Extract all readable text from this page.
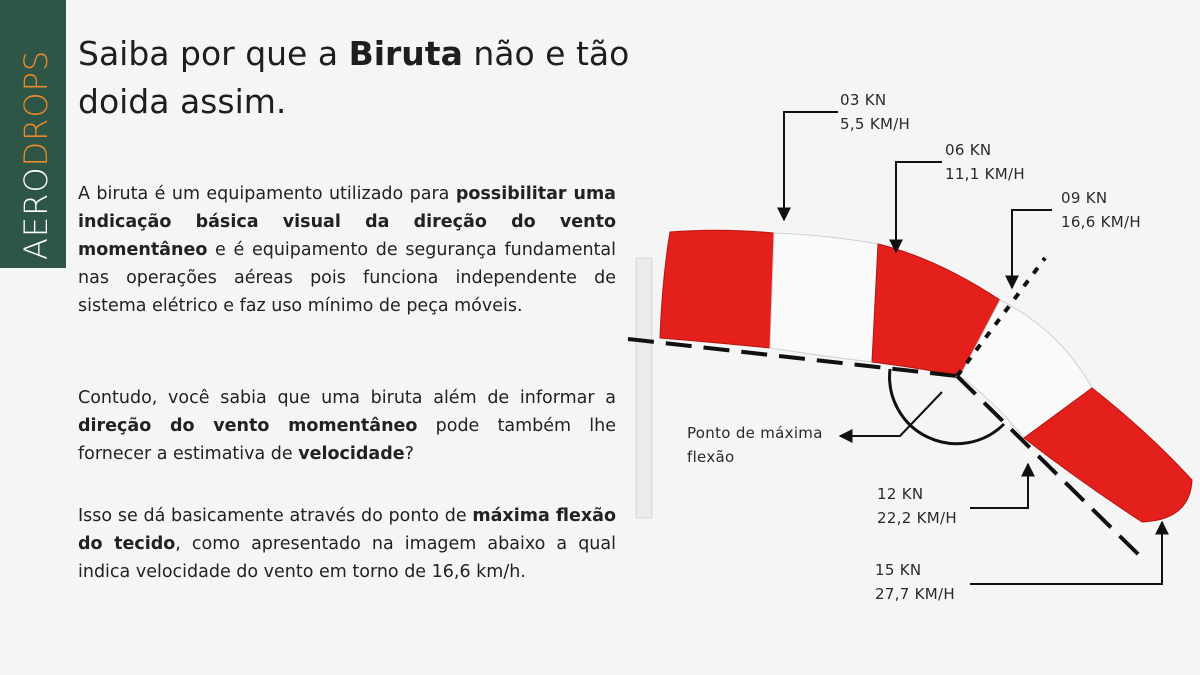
AERODROPS Saiba por que a Biruta não e tão doida assim.

A biruta é um equipamento utilizado para possibilitar uma indicação básica visual da direção do vento momentâneo e é equipamento de segurança fundamental nas operações aéreas pois funciona independente de sistema elétrico e faz uso mínimo de peça móveis.

Contudo, você sabia que uma biruta além de informar a direção do vento momentâneo pode também lhe fornecer a estimativa de velocidade?

Isso se dá basicamente através do ponto de máxima flexão do tecido, como apresentado na imagem abaixo a qual indica velocidade do vento em torno de 16,6 km/h.

03 KN
5,5 KM/H

06 KN
11,1 KM/H

09 KN
16,6 KM/H

Ponto de máxima
flexão

12 KN
22,2 KM/H

15 KN
27,7 KM/H
